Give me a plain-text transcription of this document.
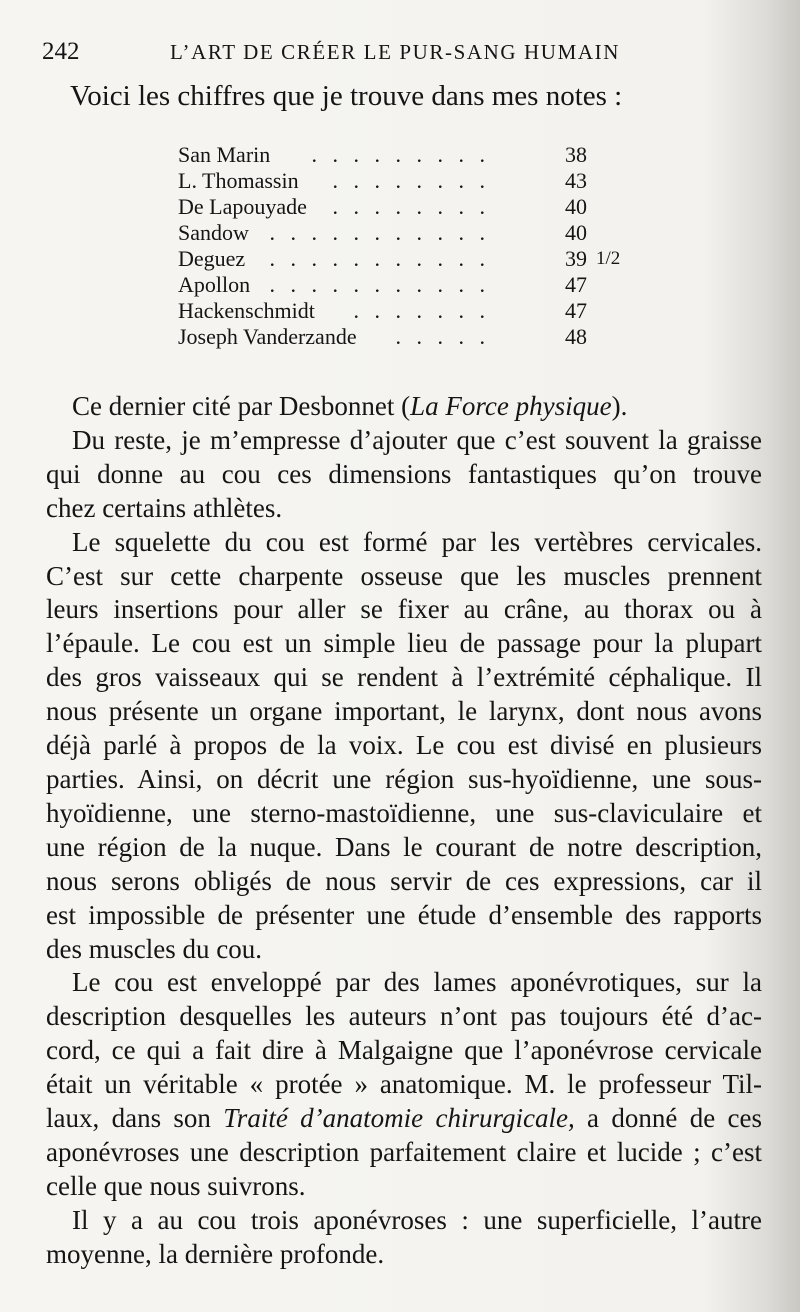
242	L’ART DE CRÉER LE PUR-SANG HUMAIN
Voici les chiffres que je trouve dans mes notes :
San Marin	. . . . . . . . .	38
L. Thomassin	. . . . . . . .	43
De Lapouyade	. . . . . . . .	40
Sandow . . . . . . . . . . .	40
Deguez	. . . . . . . . . . .	39 1/2
Apollon . . . . . . . . . . .	47
Hackenschmidt	. . . . . . .	47
Joseph Vanderzande	. . . . .	48
Ce dernier cité par Desbonnet (La Force physique).
Du reste, je m’empresse d’ajouter que c’est souvent la graisse
qui donne au cou ces dimensions fantastiques qu’on trouve
chez certains athlètes.
Le squelette du cou est formé par les vertèbres cervicales.
C’est sur cette charpente osseuse que les muscles prennent
leurs insertions pour aller se fixer au crâne, au thorax ou à
l’épaule. Le cou est un simple lieu de passage pour la plupart
des gros vaisseaux qui se rendent à l’extrémité céphalique. Il
nous présente un organe important, le larynx, dont nous avons
déjà parlé à propos de la voix. Le cou est divisé en plusieurs
parties. Ainsi, on décrit une région sus-hyoïdienne, une sous-
hyoïdienne, une sterno-mastoïdienne, une sus-claviculaire et
une région de la nuque. Dans le courant de notre description,
nous serons obligés de nous servir de ces expressions, car il
est impossible de présenter une étude d’ensemble des rapports
des muscles du cou.
Le cou est enveloppé par des lames aponévrotiques, sur la
description desquelles les auteurs n’ont pas toujours été d’ac-
cord, ce qui a fait dire à Malgaigne que l’aponévrose cervicale
était un véritable « protée » anatomique. M. le professeur Til-
laux, dans son Traité d’anatomie chirurgicale, a donné de ces
aponévroses une description parfaitement claire et lucide ; c’est
celle que nous suivrons.
Il y a au cou trois aponévroses : une superficielle, l’autre
moyenne, la dernière profonde.
